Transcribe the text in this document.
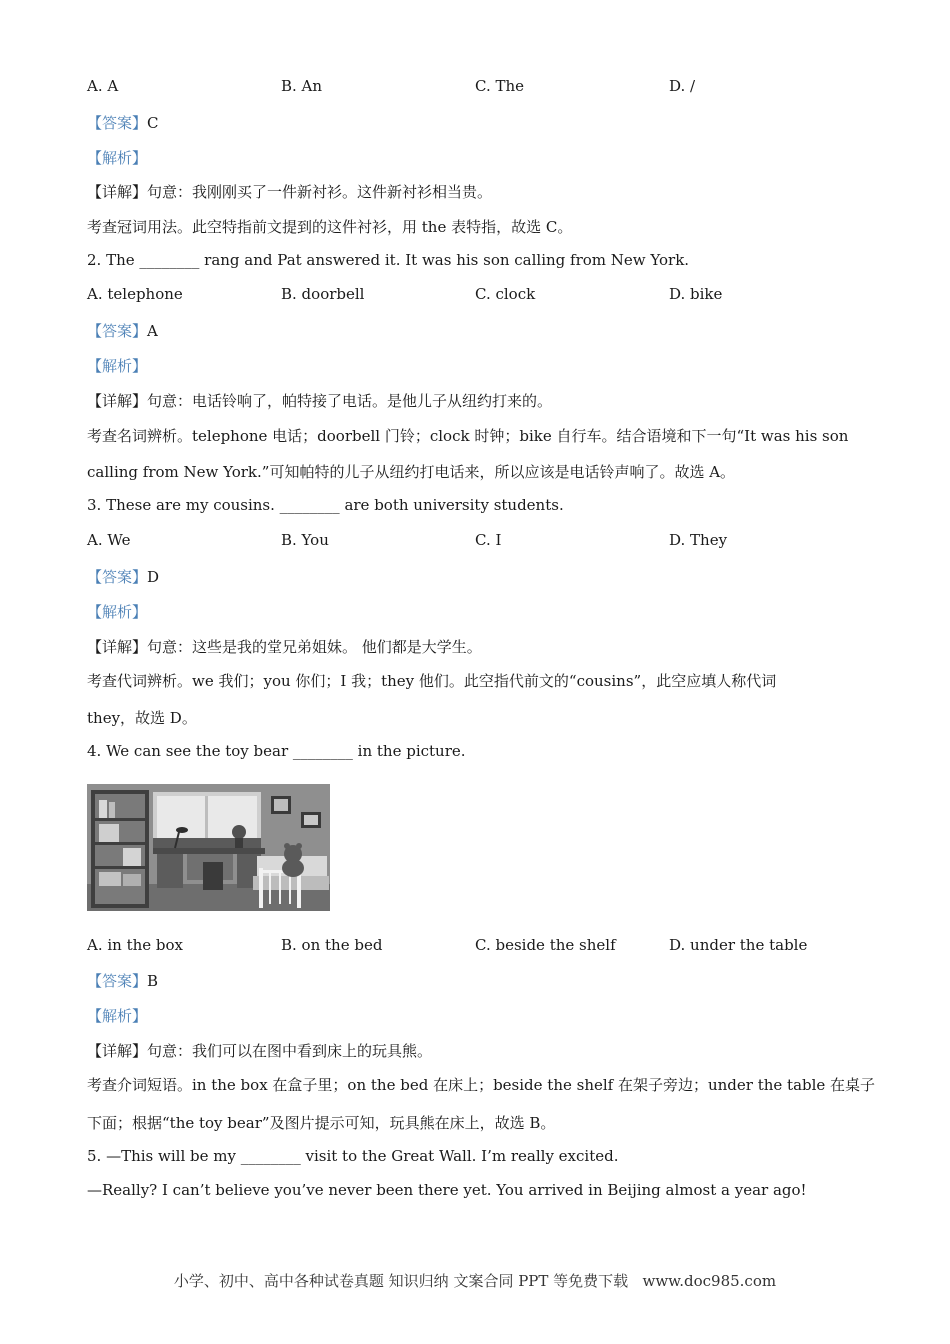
A. A	B. An	C. The	D. /
【答案】C
【解析】
【详解】句意：我刚刚买了一件新衬衫。这件新衬衫相当贵。
考查冠词用法。此空特指前文提到的这件衬衫，用 the 表特指，故选 C。
2. The ________ rang and Pat answered it. It was his son calling from New York.
A. telephone	B. doorbell	C. clock	D. bike
【答案】A
【解析】
【详解】句意：电话铃响了，帕特接了电话。是他儿子从纽约打来的。
考查名词辨析。telephone 电话；doorbell 门铃；clock 时钟；bike 自行车。结合语境和下一句“It was his son
calling from New York.”可知帕特的儿子从纽约打电话来，所以应该是电话铃声响了。故选 A。
3. These are my cousins. ________ are both university students.
A. We	B. You	C. I	D. They
【答案】D
【解析】
【详解】句意：这些是我的堂兄弟姐妹。 他们都是大学生。
考查代词辨析。we 我们；you 你们；I 我；they 他们。此空指代前文的“cousins”，此空应填人称代词
they，故选 D。
4. We can see the toy bear ________ in the picture.
A. in the box	B. on the bed	C. beside the shelf	D. under the table
【答案】B
【解析】
【详解】句意：我们可以在图中看到床上的玩具熊。
考查介词短语。in the box 在盒子里；on the bed 在床上；beside the shelf 在架子旁边；under the table 在桌子
下面；根据“the toy bear”及图片提示可知，玩具熊在床上，故选 B。
5. —This will be my ________ visit to the Great Wall. I’m really excited.
—Really? I can’t believe you’ve never been there yet. You arrived in Beijing almost a year ago!
小学、初中、高中各种试卷真题 知识归纳 文案合同 PPT 等免费下载 www.doc985.com
